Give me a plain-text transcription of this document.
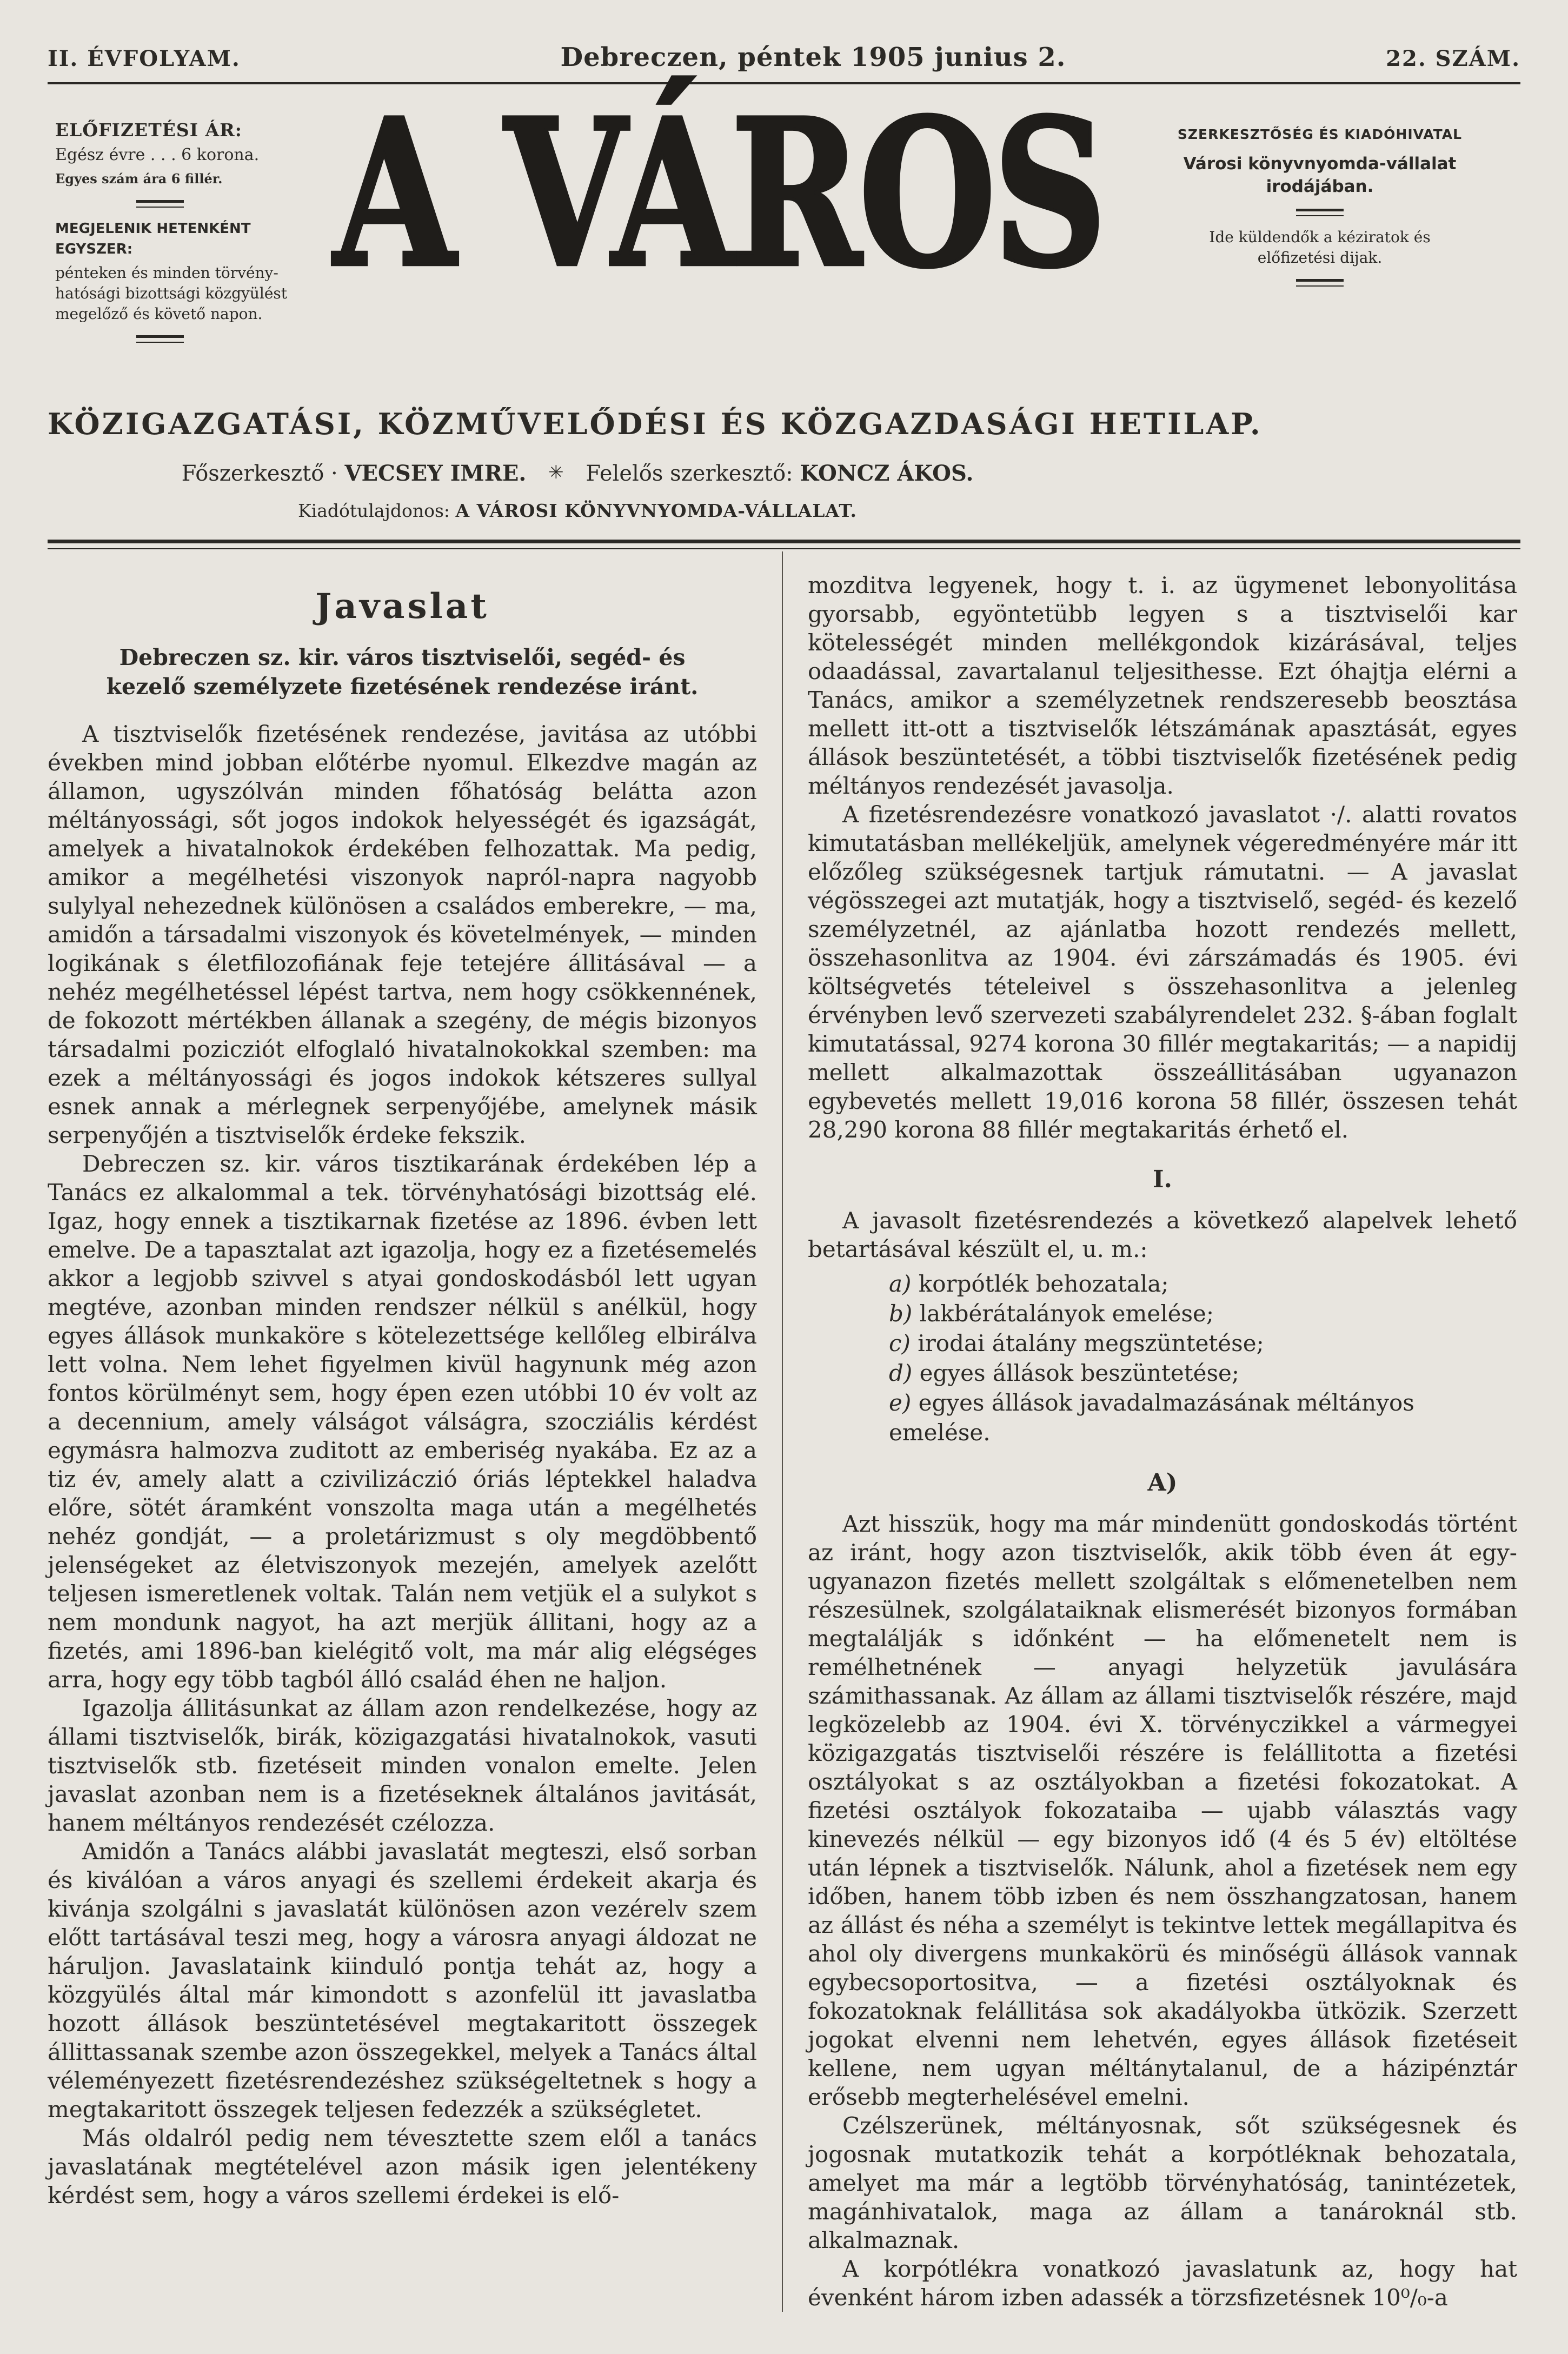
II. ÉVFOLYAM.	Debreczen, péntek 1905 junius 2.	22. SZÁM.
ELŐFIZETÉSI ÁR:
Egész évre . . . 6 korona.
Egyes szám ára 6 fillér.
MEGJELENIK HETENKÉNT EGYSZER:
pénteken és minden törvény-
hatósági bizottsági közgyülést
megelőző és követő napon.
A VÁROS	SZERKESZTŐSÉG ÉS KIADÓHIVATAL
Városi könyvnyomda-vállalat
irodájában.
Ide küldendők a kéziratok és
előfizetési dijak.
KÖZIGAZGATÁSI, KÖZMŰVELŐDÉSI ÉS KÖZGAZDASÁGI HETILAP.
Főszerkesztő · VECSEY IMRE. ✳ Felelős szerkesztő: KONCZ ÁKOS.
Kiadótulajdonos: A VÁROSI KÖNYVNYOMDA-VÁLLALAT.
Javaslat
Debreczen sz. kir. város tisztviselői, segéd- és kezelő személyzete fizetésének rendezése iránt.

A tisztviselők fizetésének rendezése, javitása az utóbbi években mind jobban előtérbe nyomul. Elkezdve magán az államon, ugyszólván minden főhatóság belátta azon méltányossági, sőt jogos indokok helyességét és igazságát, amelyek a hivatalnokok érdekében felhozattak. Ma pedig, amikor a megélhetési viszonyok napról-napra nagyobb sulylyal nehezednek különösen a családos emberekre, — ma, amidőn a társadalmi viszonyok és követelmények, — minden logikának s életfilozofiának feje tetejére állitásával — a nehéz megélhetéssel lépést tartva, nem hogy csökkennének, de fokozott mértékben állanak a szegény, de mégis bizonyos társadalmi pozicziót elfoglaló hivatalnokokkal szemben: ma ezek a méltányossági és jogos indokok kétszeres sullyal esnek annak a mérlegnek serpenyőjébe, amelynek másik serpenyőjén a tisztviselők érdeke fekszik.

Debreczen sz. kir. város tisztikarának érdekében lép a Tanács ez alkalommal a tek. törvényhatósági bizottság elé. Igaz, hogy ennek a tisztikarnak fizetése az 1896. évben lett emelve. De a tapasztalat azt igazolja, hogy ez a fizetésemelés akkor a legjobb szivvel s atyai gondoskodásból lett ugyan megtéve, azonban minden rendszer nélkül s anélkül, hogy egyes állások munkaköre s kötelezettsége kellőleg elbirálva lett volna. Nem lehet figyelmen kivül hagynunk még azon fontos körülményt sem, hogy épen ezen utóbbi 10 év volt az a decennium, amely válságot válságra, szocziális kérdést egymásra halmozva zuditott az emberiség nyakába. Ez az a tiz év, amely alatt a czivilizáczió óriás léptekkel haladva előre, sötét áramként vonszolta maga után a megélhetés nehéz gondját, — a proletárizmust s oly megdöbbentő jelenségeket az életviszonyok mezején, amelyek azelőtt teljesen ismeretlenek voltak. Talán nem vetjük el a sulykot s nem mondunk nagyot, ha azt merjük állitani, hogy az a fizetés, ami 1896-ban kielégitő volt, ma már alig elégséges arra, hogy egy több tagból álló család éhen ne haljon.

Igazolja állitásunkat az állam azon rendelkezése, hogy az állami tisztviselők, birák, közigazgatási hivatalnokok, vasuti tisztviselők stb. fizetéseit minden vonalon emelte. Jelen javaslat azonban nem is a fizetéseknek általános javitását, hanem méltányos rendezését czélozza.

Amidőn a Tanács alábbi javaslatát megteszi, első sorban és kiválóan a város anyagi és szellemi érdekeit akarja és kivánja szolgálni s javaslatát különösen azon vezérelv szem előtt tartásával teszi meg, hogy a városra anyagi áldozat ne háruljon. Javaslataink kiinduló pontja tehát az, hogy a közgyülés által már kimondott s azonfelül itt javaslatba hozott állások beszüntetésével megtakaritott összegek állittassanak szembe azon összegekkel, melyek a Tanács által véleményezett fizetésrendezéshez szükségeltetnek s hogy a megtakaritott összegek teljesen fedezzék a szükségletet.

Más oldalról pedig nem tévesztette szem elől a tanács javaslatának megtételével azon másik igen jelentékeny kérdést sem, hogy a város szellemi érdekei is elő-

mozditva legyenek, hogy t. i. az ügymenet lebonyolitása gyorsabb, egyöntetübb legyen s a tisztviselői kar kötelességét minden mellékgondok kizárásával, teljes odaadással, zavartalanul teljesithesse. Ezt óhajtja elérni a Tanács, amikor a személyzetnek rendszeresebb beosztása mellett itt-ott a tisztviselők létszámának apasztását, egyes állások beszüntetését, a többi tisztviselők fizetésének pedig méltányos rendezését javasolja.

A fizetésrendezésre vonatkozó javaslatot ·/. alatti rovatos kimutatásban mellékeljük, amelynek végeredményére már itt előzőleg szükségesnek tartjuk rámutatni. — A javaslat végösszegei azt mutatják, hogy a tisztviselő, segéd- és kezelő személyzetnél, az ajánlatba hozott rendezés mellett, összehasonlitva az 1904. évi zárszámadás és 1905. évi költségvetés tételeivel s összehasonlitva a jelenleg érvényben levő szervezeti szabályrendelet 232. §-ában foglalt kimutatással, 9274 korona 30 fillér megtakaritás; — a napidij mellett alkalmazottak összeállitásában ugyanazon egybevetés mellett 19,016 korona 58 fillér, összesen tehát 28,290 korona 88 fillér megtakaritás érhető el.

I.

A javasolt fizetésrendezés a következő alapelvek lehető betartásával készült el, u. m.:

a) korpótlék behozatala;
b) lakbérátalányok emelése;
c) irodai átalány megszüntetése;
d) egyes állások beszüntetése;
e) egyes állások javadalmazásának méltányos emelése.
A)

Azt hisszük, hogy ma már mindenütt gondoskodás történt az iránt, hogy azon tisztviselők, akik több éven át egy-ugyanazon fizetés mellett szolgáltak s előmenetelben nem részesülnek, szolgálataiknak elismerését bizonyos formában megtalálják s időnként — ha előmenetelt nem is remélhetnének — anyagi helyzetük javulására számithassanak. Az állam az állami tisztviselők részére, majd legközelebb az 1904. évi X. törvényczikkel a vármegyei közigazgatás tisztviselői részére is felállitotta a fizetési osztályokat s az osztályokban a fizetési fokozatokat. A fizetési osztályok fokozataiba — ujabb választás vagy kinevezés nélkül — egy bizonyos idő (4 és 5 év) eltöltése után lépnek a tisztviselők. Nálunk, ahol a fizetések nem egy időben, hanem több izben és nem összhangzatosan, hanem az állást és néha a személyt is tekintve lettek megállapitva és ahol oly divergens munkakörü és minőségü állások vannak egybecsoportositva, — a fizetési osztályoknak és fokozatoknak felállitása sok akadályokba ütközik. Szerzett jogokat elvenni nem lehetvén, egyes állások fizetéseit kellene, nem ugyan méltánytalanul, de a házipénztár erősebb megterhelésével emelni.

Czélszerünek, méltányosnak, sőt szükségesnek és jogosnak mutatkozik tehát a korpótléknak behozatala, amelyet ma már a legtöbb törvényhatóság, tanintézetek, magánhivatalok, maga az állam a tanároknál stb. alkalmaznak.

A korpótlékra vonatkozó javaslatunk az, hogy hat évenként három izben adassék a törzsfizetésnek 10⁰/₀-a
